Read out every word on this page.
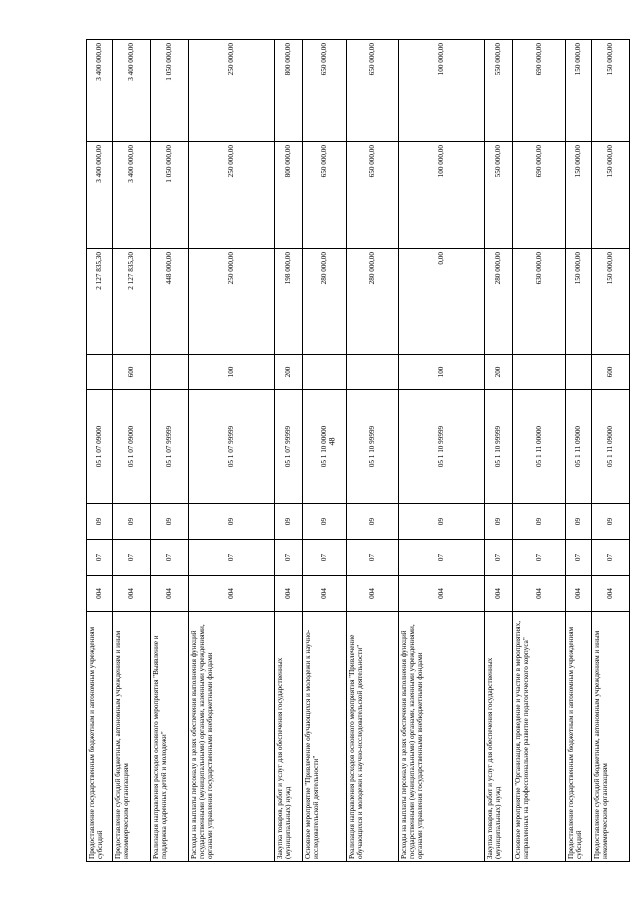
48
Предоставление государственным бюджетным и автономным учреждениям субсидий	004	07	09	05 1 07 09000		2 127 835,30	3 400 000,00	3 400 000,00
Предоставление субсидий бюджетным, автономным учреждениям и иным некоммерческим организациям	004	07	09	05 1 07 09000	600	2 127 835,30	3 400 000,00	3 400 000,00
Реализация направления расходов основного мероприятия "Выявление и поддержка одаренных детей и молодежи"	004	07	09	05 1 07 99999		448 000,00	1 050 000,00	1 050 000,00
Расходы на выплаты персоналу в целях обеспечения выполнения функций государственными (муниципальными) органами, казенными учреждениями, органами управления государственными внебюджетными фондами	004	07	09	05 1 07 99999	100	250 000,00	250 000,00	250 000,00
Закупка товаров, работ и услуг для обеспечения государственных (муниципальных) нужд	004	07	09	05 1 07 99999	200	198 000,00	800 000,00	800 000,00
Основное мероприятие "Привлечение обучающихся и молодежи к научно-исследовательской деятельности"	004	07	09	05 1 10 00000		280 000,00	650 000,00	650 000,00
Реализация направления расходов основного мероприятия "Привлечение обучающихся и молодежи к научно-исследовательской деятельности"	004	07	09	05 1 10 99999		280 000,00	650 000,00	650 000,00
Расходы на выплаты персоналу в целях обеспечения выполнения функций государственными (муниципальными) органами, казенными учреждениями, органами управления государственными внебюджетными фондами	004	07	09	05 1 10 99999	100	0,00	100 000,00	100 000,00
Закупка товаров, работ и услуг для обеспечения государственных (муниципальных) нужд	004	07	09	05 1 10 99999	200	280 000,00	550 000,00	550 000,00
Основное мероприятие "Организация, проведение и участие в мероприятиях, направленных на профессиональное развитие педагогического корпуса"	004	07	09	05 1 11 00000		630 000,00	690 000,00	690 000,00
Предоставление государственным бюджетным и автономным учреждениям субсидий	004	07	09	05 1 11 09000		150 000,00	150 000,00	150 000,00
Предоставление субсидий бюджетным, автономным учреждениям и иным некоммерческим организациям	004	07	09	05 1 11 09000	600	150 000,00	150 000,00	150 000,00
